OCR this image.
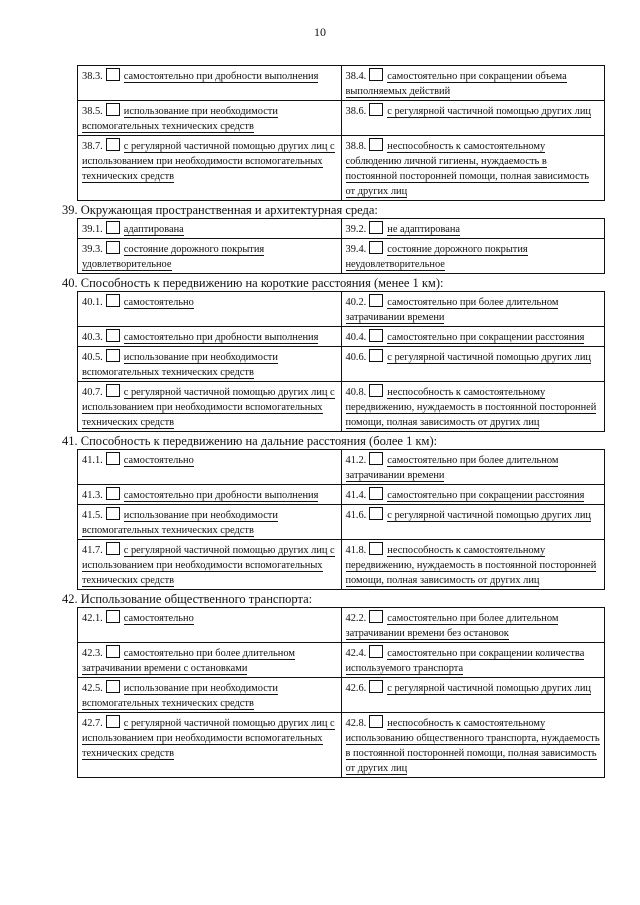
10
38.3. самостоятельно при дробности выполнения	38.4. самостоятельно при сокращении объема выполняемых действий
38.5. использование при необходимости вспомогательных технических средств	38.6. с регулярной частичной помощью других лиц
38.7. с регулярной частичной помощью других лиц с использованием при необходимости вспомогательных технических средств	38.8. неспособность к самостоятельному соблюдению личной гигиены, нуждаемость в постоянной посторонней помощи, полная зависимость от других лиц
39. Окружающая пространственная и архитектурная среда:
39.1. адаптирована	39.2. не адаптирована
39.3. состояние дорожного покрытия удовлетворительное	39.4. состояние дорожного покрытия неудовлетворительное
40. Способность к передвижению на короткие расстояния (менее 1 км):
40.1. самостоятельно	40.2. самостоятельно при более длительном затрачивании времени
40.3. самостоятельно при дробности выполнения	40.4. самостоятельно при сокращении расстояния
40.5. использование при необходимости вспомогательных технических средств	40.6. с регулярной частичной помощью других лиц
40.7. с регулярной частичной помощью других лиц с использованием при необходимости вспомогательных технических средств	40.8. неспособность к самостоятельному передвижению, нуждаемость в постоянной посторонней помощи, полная зависимость от других лиц
41. Способность к передвижению на дальние расстояния (более 1 км):
41.1. самостоятельно	41.2. самостоятельно при более длительном затрачивании времени
41.3. самостоятельно при дробности выполнения	41.4. самостоятельно при сокращении расстояния
41.5. использование при необходимости вспомогательных технических средств	41.6. с регулярной частичной помощью других лиц
41.7. с регулярной частичной помощью других лиц с использованием при необходимости вспомогательных технических средств	41.8. неспособность к самостоятельному передвижению, нуждаемость в постоянной посторонней помощи, полная зависимость от других лиц
42. Использование общественного транспорта:
42.1. самостоятельно	42.2. самостоятельно при более длительном затрачивании времени без остановок
42.3. самостоятельно при более длительном затрачивании времени с остановками	42.4. самостоятельно при сокращении количества используемого транспорта
42.5. использование при необходимости вспомогательных технических средств	42.6. с регулярной частичной помощью других лиц
42.7. с регулярной частичной помощью других лиц с использованием при необходимости вспомогательных технических средств	42.8. неспособность к самостоятельному использованию общественного транспорта, нуждаемость в постоянной посторонней помощи, полная зависимость от других лиц
